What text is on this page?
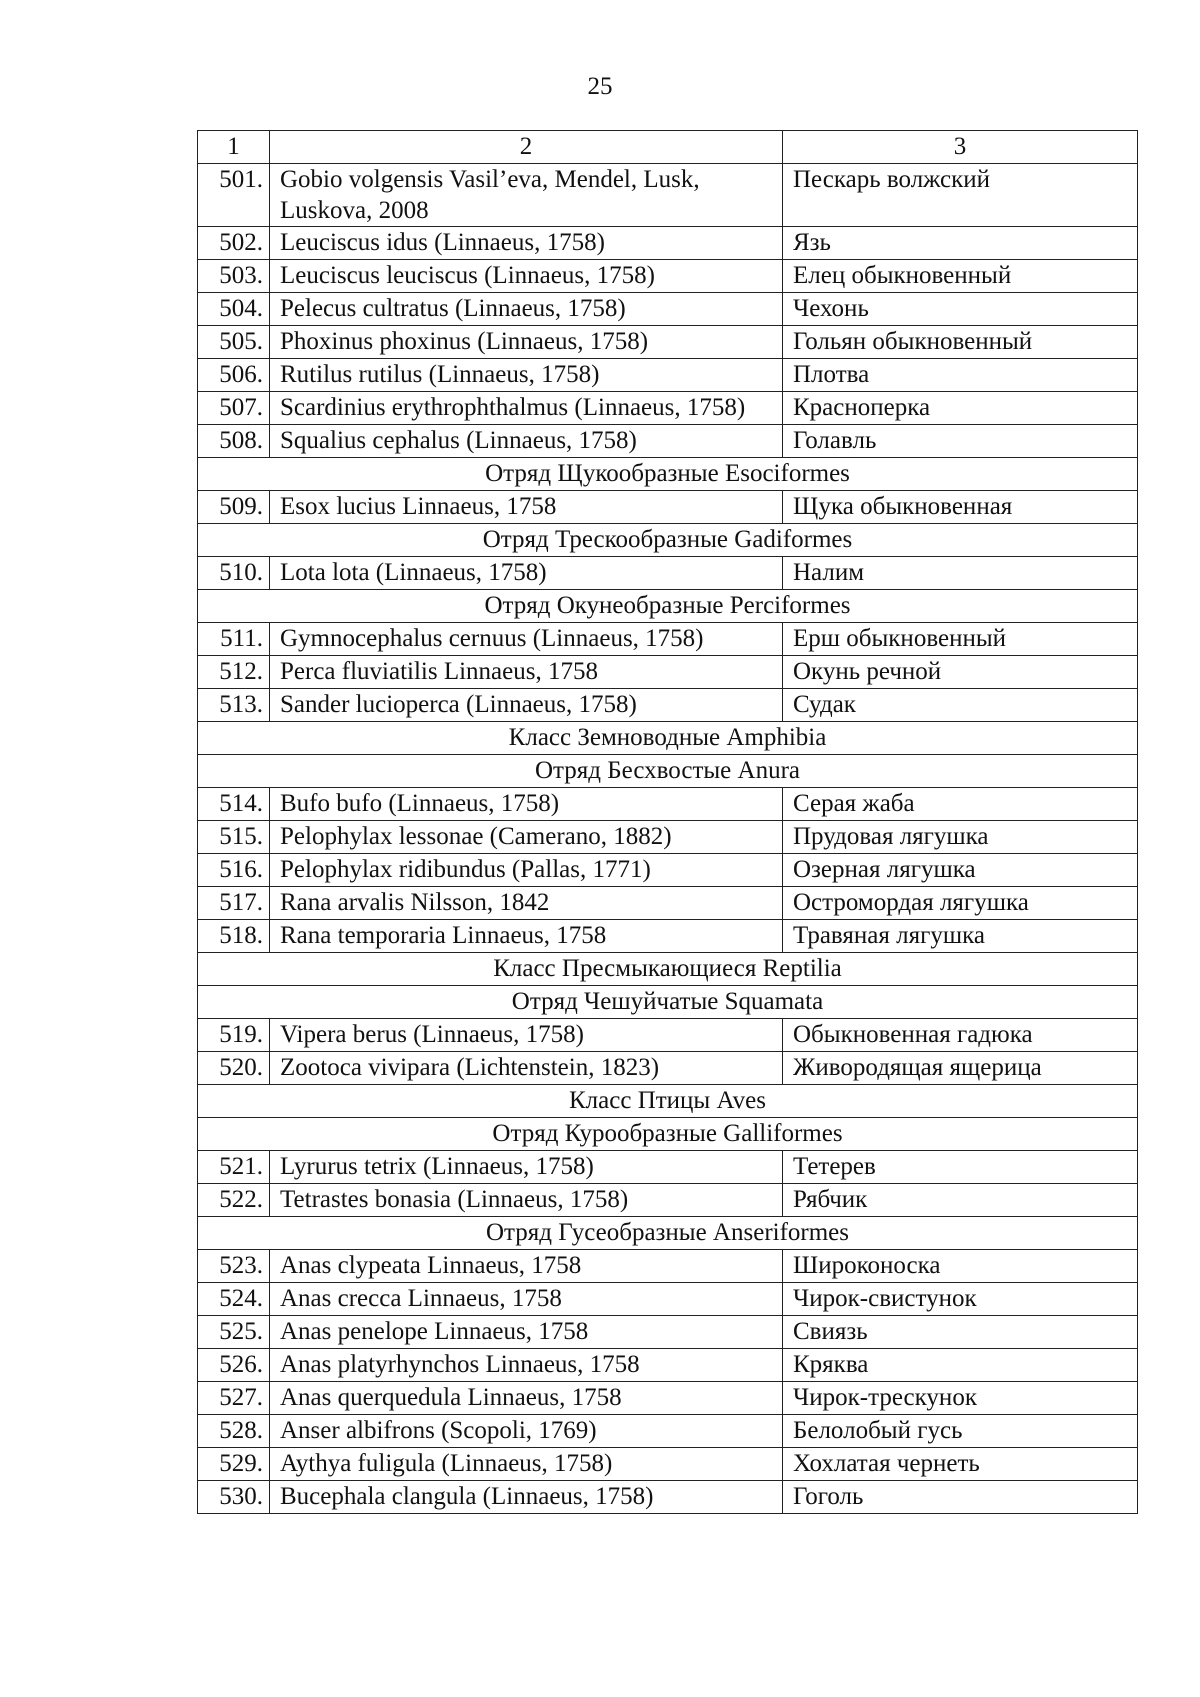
25
1	2	3
501.	Gobio volgensis Vasil’eva, Mendel, Lusk, Luskova, 2008	Пескарь волжский
502.	Leuciscus idus (Linnaeus, 1758)	Язь
503.	Leuciscus leuciscus (Linnaeus, 1758)	Елец обыкновенный
504.	Pelecus cultratus (Linnaeus, 1758)	Чехонь
505.	Phoxinus phoxinus (Linnaeus, 1758)	Гольян обыкновенный
506.	Rutilus rutilus (Linnaeus, 1758)	Плотва
507.	Scardinius erythrophthalmus (Linnaeus, 1758)	Красноперка
508.	Squalius cephalus (Linnaeus, 1758)	Голавль
Отряд Щукообразные Esociformes		
509.	Esox lucius Linnaeus, 1758	Щука обыкновенная
Отряд Трескообразные Gadiformes		
510.	Lota lota (Linnaeus, 1758)	Налим
Отряд Окунеобразные Perciformes		
511.	Gymnocephalus cernuus (Linnaeus, 1758)	Ерш обыкновенный
512.	Perca fluviatilis Linnaeus, 1758	Окунь речной
513.	Sander lucioperca (Linnaeus, 1758)	Судак
Класс Земноводные Amphibia		
Отряд Бесхвостые Anura		
514.	Bufo bufo (Linnaeus, 1758)	Серая жаба
515.	Pelophylax lessonae (Camerano, 1882)	Прудовая лягушка
516.	Pelophylax ridibundus (Pallas, 1771)	Озерная лягушка
517.	Rana arvalis Nilsson, 1842	Остромордая лягушка
518.	Rana temporaria Linnaeus, 1758	Травяная лягушка
Класс Пресмыкающиеся Reptilia		
Отряд Чешуйчатые Squamata		
519.	Vipera berus (Linnaeus, 1758)	Обыкновенная гадюка
520.	Zootoca vivipara (Lichtenstein, 1823)	Живородящая ящерица
Класс Птицы Aves		
Отряд Курообразные Galliformes		
521.	Lyrurus tetrix (Linnaeus, 1758)	Тетерев
522.	Tetrastes bonasia (Linnaeus, 1758)	Рябчик
Отряд Гусеобразные Anseriformes		
523.	Anas clypeata Linnaeus, 1758	Широконоска
524.	Anas crecca Linnaeus, 1758	Чирок-свистунок
525.	Anas penelope Linnaeus, 1758	Свиязь
526.	Anas platyrhynchos Linnaeus, 1758	Кряква
527.	Anas querquedula Linnaeus, 1758	Чирок-трескунок
528.	Anser albifrons (Scopoli, 1769)	Белолобый гусь
529.	Aythya fuligula (Linnaeus, 1758)	Хохлатая чернеть
530.	Bucephala clangula (Linnaeus, 1758)	Гоголь
